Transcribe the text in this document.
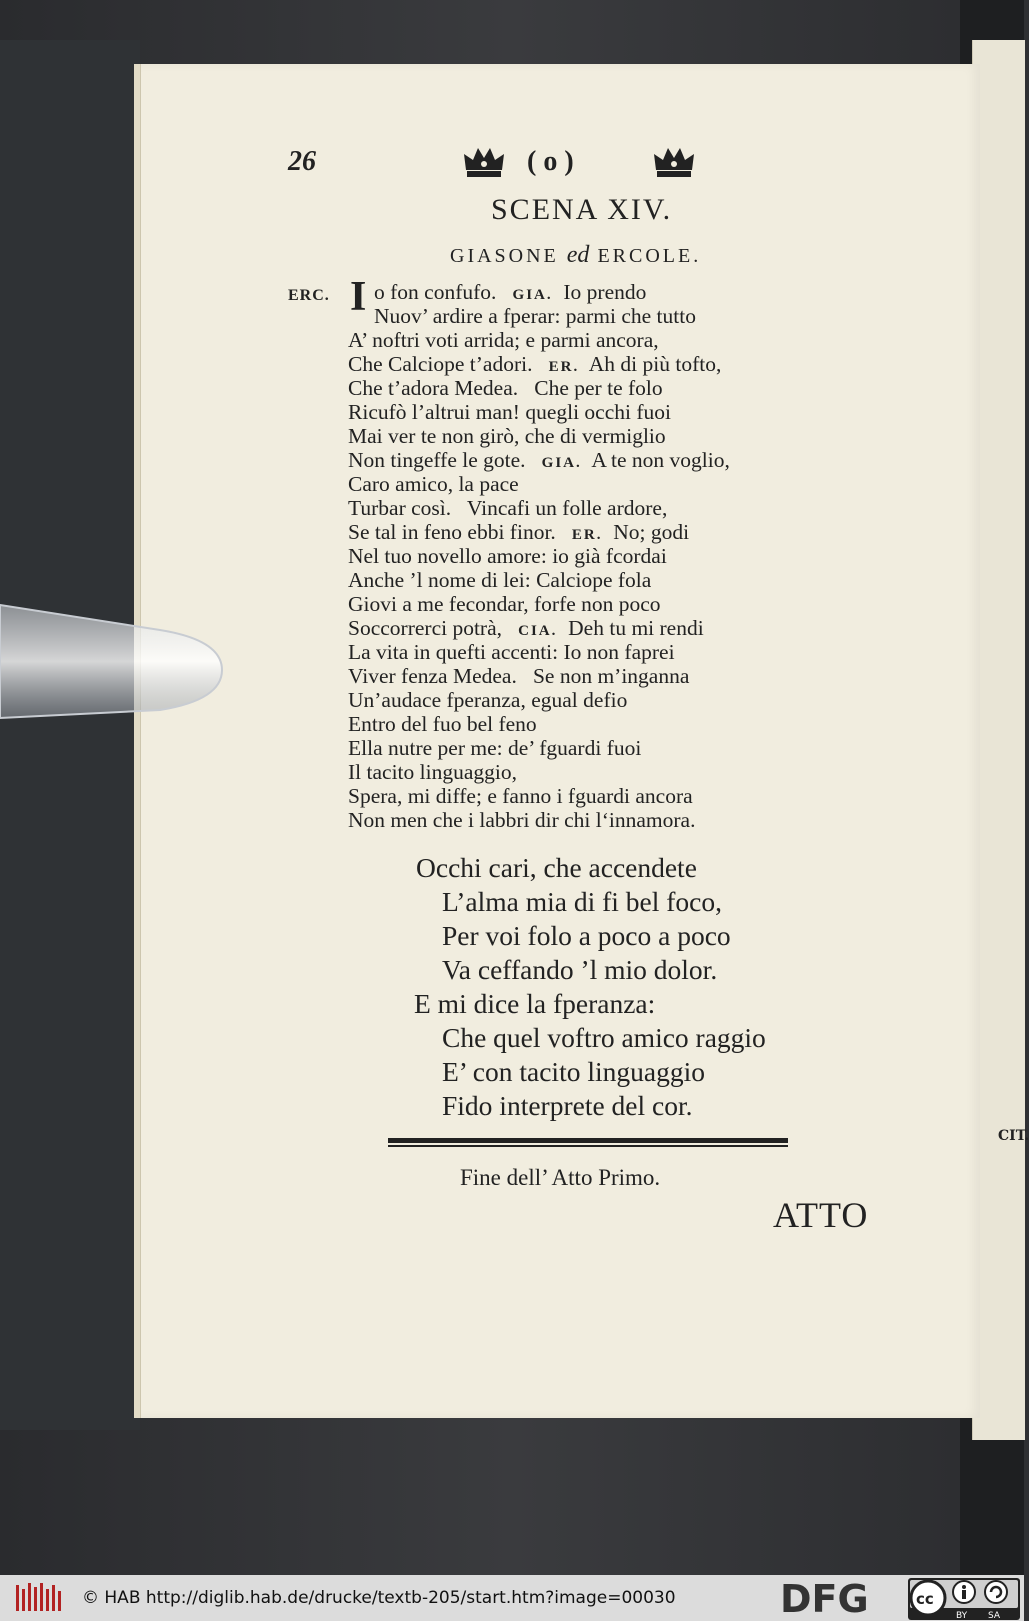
CIT.
26	( o )
SCENA XIV.
GIASONE ed ERCOLE.
ERC. I o fon confufo.   GIA.  Io prendo
Nuov’ ardire a fperar: parmi che tutto
A’ noftri voti arrida; e parmi ancora,
Che Calciope t’adori.   ER.  Ah di più tofto,
Che t’adora Medea.   Che per te folo
Ricufò l’altrui man! quegli occhi fuoi
Mai ver te non girò, che di vermiglio
Non tingeffe le gote.   GIA.  A te non voglio,
Caro amico, la pace
Turbar così.   Vincafi un folle ardore,
Se tal in feno ebbi finor.   ER.  No; godi
Nel tuo novello amore: io già fcordai
Anche ’l nome di lei: Calciope fola
Giovi a me fecondar, forfe non poco
Soccorrerci potrà,   CIA.  Deh tu mi rendi
La vita in quefti accenti: Io non faprei
Viver fenza Medea.   Se non m’inganna
Un’audace fperanza, egual defio
Entro del fuo bel feno
Ella nutre per me: de’ fguardi fuoi
Il tacito linguaggio,
Spera, mi diffe; e fanno i fguardi ancora
Non men che i labbri dir chi l‘innamora.
Occhi cari, che accendete
L’alma mia di fi bel foco,
Per voi folo a poco a poco
Va ceffando ’l mio dolor.
E mi dice la fperanza:
Che quel voftro amico raggio
E’ con tacito linguaggio
Fido interprete del cor.
Fine dell’ Atto Primo.
ATTO
© HAB http://diglib.hab.de/drucke/textb-205/start.htm?image=00030	DFG	cc
BY SA
